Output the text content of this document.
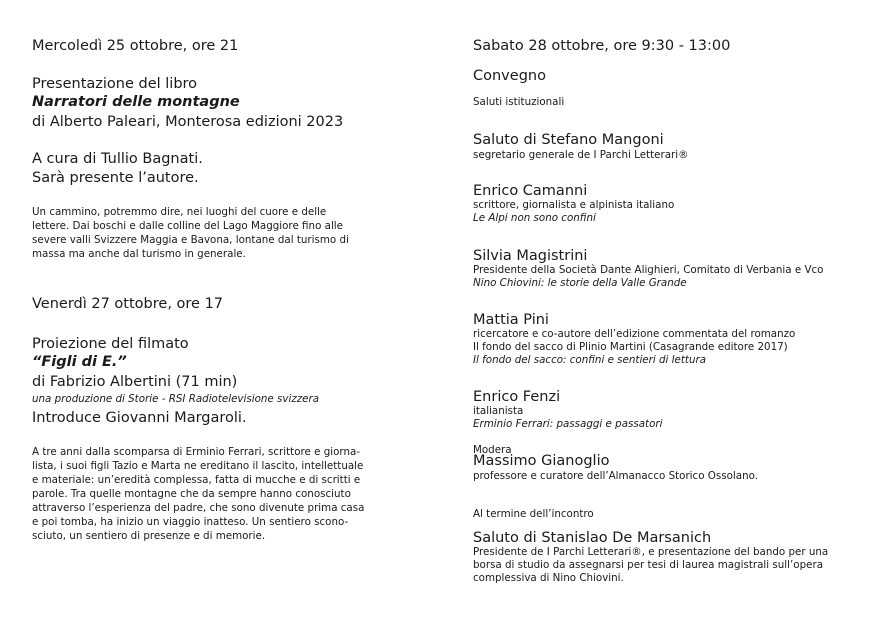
Mercoledì 25 ottobre, ore 21
Presentazione del libro
Narratori delle montagne
di Alberto Paleari, Monterosa edizioni 2023
A cura di Tullio Bagnati.
Sarà presente l’autore.
Un cammino, potremmo dire, nei luoghi del cuore e delle
lettere. Dai boschi e dalle colline del Lago Maggiore fino alle
severe valli Svizzere Maggia e Bavona, lontane dal turismo di
massa ma anche dal turismo in generale.
Venerdì 27 ottobre, ore 17
Proiezione del filmato
“Figli di E.”
di Fabrizio Albertini (71 min)
una produzione di Storie - RSI Radiotelevisione svizzera
Introduce Giovanni Margaroli.
A tre anni dalla scomparsa di Erminio Ferrari, scrittore e giorna-
lista, i suoi figli Tazio e Marta ne ereditano il lascito, intellettuale
e materiale: un’eredità complessa, fatta di mucche e di scritti e
parole. Tra quelle montagne che da sempre hanno conosciuto
attraverso l’esperienza del padre, che sono divenute prima casa
e poi tomba, ha inizio un viaggio inatteso. Un sentiero scono-
sciuto, un sentiero di presenze e di memorie.
Sabato 28 ottobre, ore 9:30 - 13:00
Convegno
Saluti istituzionali
Saluto di Stefano Mangoni
segretario generale de I Parchi Letterari®
Enrico Camanni
scrittore, giornalista e alpinista italiano
Le Alpi non sono confini
Silvia Magistrini
Presidente della Società Dante Alighieri, Comitato di Verbania e Vco
Nino Chiovini: le storie della Valle Grande
Mattia Pini
ricercatore e co-autore dell’edizione commentata del romanzo
Il fondo del sacco di Plinio Martini (Casagrande editore 2017)
Il fondo del sacco: confini e sentieri di lettura
Enrico Fenzi
italianista
Erminio Ferrari: passaggi e passatori
Modera
Massimo Gianoglio
professore e curatore dell’Almanacco Storico Ossolano.
Al termine dell’incontro
Saluto di Stanislao De Marsanich
Presidente de I Parchi Letterari®, e presentazione del bando per una
borsa di studio da assegnarsi per tesi di laurea magistrali sull’opera
complessiva di Nino Chiovini.
